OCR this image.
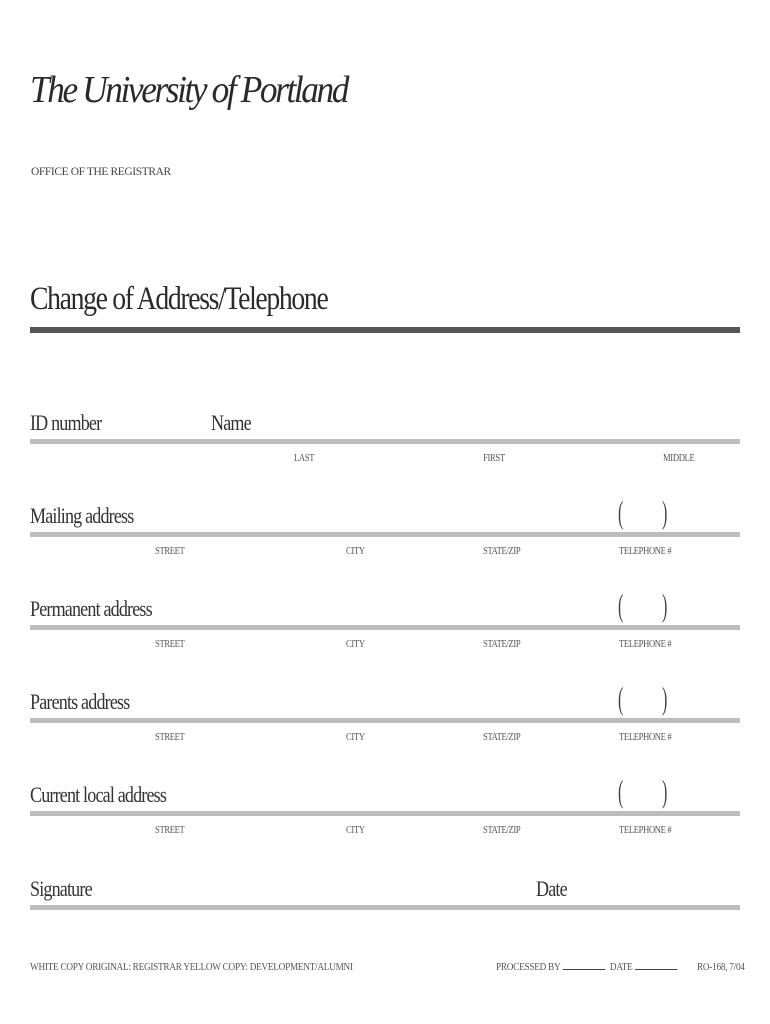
The University of Portland
OFFICE OF THE REGISTRAR
Change of Address/Telephone
ID number	Name
LAST	FIRST	MIDDLE
Mailing address	( )
STREET	CITY	STATE/ZIP	TELEPHONE #
Permanent address	( )
STREET	CITY	STATE/ZIP	TELEPHONE #
Parents address	( )
STREET	CITY	STATE/ZIP	TELEPHONE #
Current local address	( )
STREET	CITY	STATE/ZIP	TELEPHONE #
Signature	Date
WHITE COPY ORIGINAL: REGISTRAR YELLOW COPY: DEVELOPMENT/ALUMNI	PROCESSED BY	DATE	RO-168, 7/04
